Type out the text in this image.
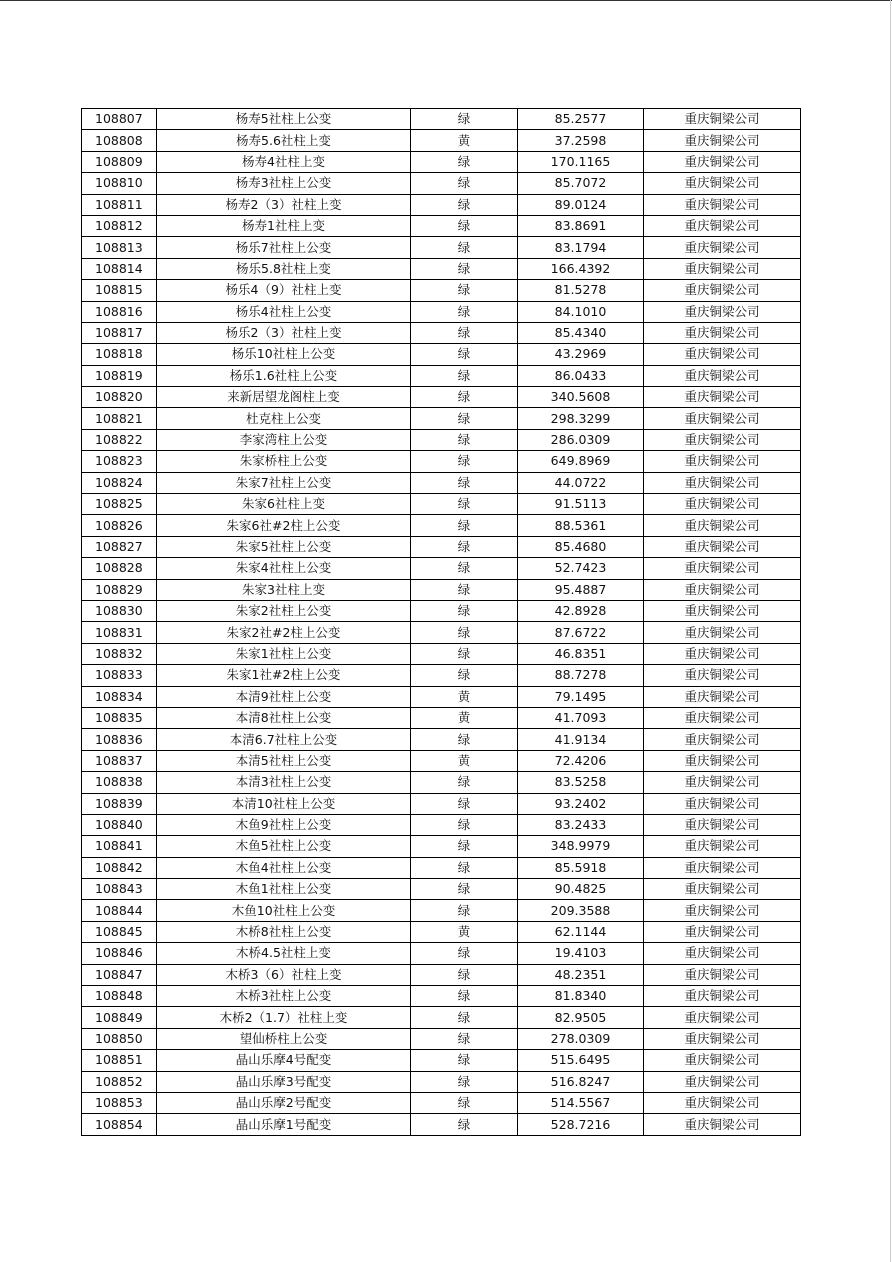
108807	杨寿5社柱上公变	绿	85.2577	重庆铜梁公司
108808	杨寿5.6社柱上变	黄	37.2598	重庆铜梁公司
108809	杨寿4社柱上变	绿	170.1165	重庆铜梁公司
108810	杨寿3社柱上公变	绿	85.7072	重庆铜梁公司
108811	杨寿2（3）社柱上变	绿	89.0124	重庆铜梁公司
108812	杨寿1社柱上变	绿	83.8691	重庆铜梁公司
108813	杨乐7社柱上公变	绿	83.1794	重庆铜梁公司
108814	杨乐5.8社柱上变	绿	166.4392	重庆铜梁公司
108815	杨乐4（9）社柱上变	绿	81.5278	重庆铜梁公司
108816	杨乐4社柱上公变	绿	84.1010	重庆铜梁公司
108817	杨乐2（3）社柱上变	绿	85.4340	重庆铜梁公司
108818	杨乐10社柱上公变	绿	43.2969	重庆铜梁公司
108819	杨乐1.6社柱上公变	绿	86.0433	重庆铜梁公司
108820	来新居望龙阁柱上变	绿	340.5608	重庆铜梁公司
108821	杜克柱上公变	绿	298.3299	重庆铜梁公司
108822	李家湾柱上公变	绿	286.0309	重庆铜梁公司
108823	朱家桥柱上公变	绿	649.8969	重庆铜梁公司
108824	朱家7社柱上公变	绿	44.0722	重庆铜梁公司
108825	朱家6社柱上变	绿	91.5113	重庆铜梁公司
108826	朱家6社#2柱上公变	绿	88.5361	重庆铜梁公司
108827	朱家5社柱上公变	绿	85.4680	重庆铜梁公司
108828	朱家4社柱上公变	绿	52.7423	重庆铜梁公司
108829	朱家3社柱上变	绿	95.4887	重庆铜梁公司
108830	朱家2社柱上公变	绿	42.8928	重庆铜梁公司
108831	朱家2社#2柱上公变	绿	87.6722	重庆铜梁公司
108832	朱家1社柱上公变	绿	46.8351	重庆铜梁公司
108833	朱家1社#2柱上公变	绿	88.7278	重庆铜梁公司
108834	本清9社柱上公变	黄	79.1495	重庆铜梁公司
108835	本清8社柱上公变	黄	41.7093	重庆铜梁公司
108836	本清6.7社柱上公变	绿	41.9134	重庆铜梁公司
108837	本清5社柱上公变	黄	72.4206	重庆铜梁公司
108838	本清3社柱上公变	绿	83.5258	重庆铜梁公司
108839	本清10社柱上公变	绿	93.2402	重庆铜梁公司
108840	木鱼9社柱上公变	绿	83.2433	重庆铜梁公司
108841	木鱼5社柱上公变	绿	348.9979	重庆铜梁公司
108842	木鱼4社柱上公变	绿	85.5918	重庆铜梁公司
108843	木鱼1社柱上公变	绿	90.4825	重庆铜梁公司
108844	木鱼10社柱上公变	绿	209.3588	重庆铜梁公司
108845	木桥8社柱上公变	黄	62.1144	重庆铜梁公司
108846	木桥4.5社柱上变	绿	19.4103	重庆铜梁公司
108847	木桥3（6）社柱上变	绿	48.2351	重庆铜梁公司
108848	木桥3社柱上公变	绿	81.8340	重庆铜梁公司
108849	木桥2（1.7）社柱上变	绿	82.9505	重庆铜梁公司
108850	望仙桥柱上公变	绿	278.0309	重庆铜梁公司
108851	晶山乐摩4号配变	绿	515.6495	重庆铜梁公司
108852	晶山乐摩3号配变	绿	516.8247	重庆铜梁公司
108853	晶山乐摩2号配变	绿	514.5567	重庆铜梁公司
108854	晶山乐摩1号配变	绿	528.7216	重庆铜梁公司
